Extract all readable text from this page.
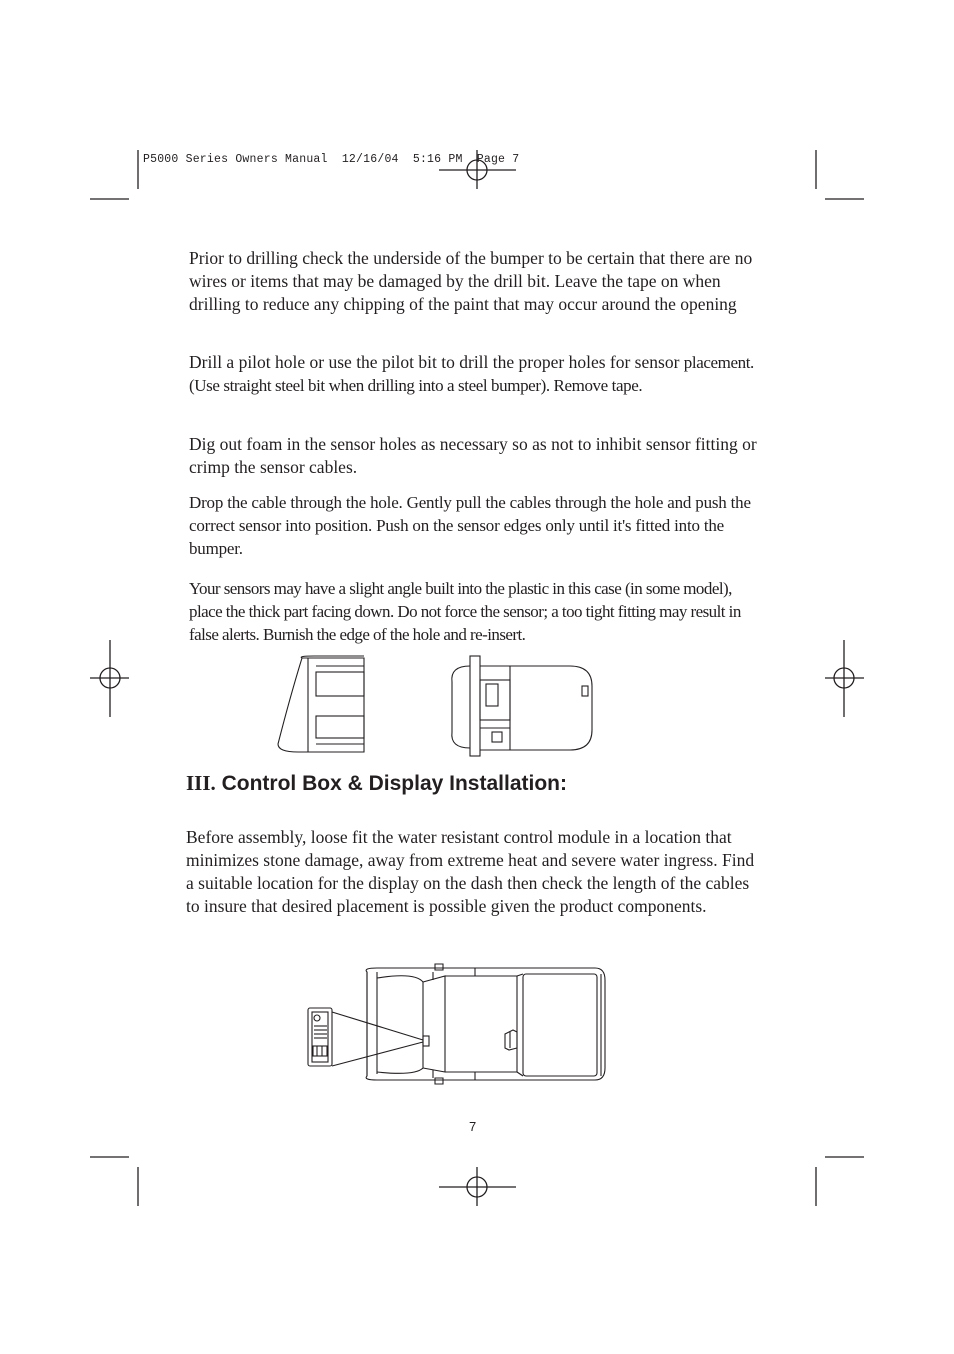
P5000 Series Owners Manual  12/16/04  5:16 PM  Page 7

Prior to drilling check the underside of the bumper to be certain that there are no wires or items that may be damaged by the drill bit. Leave the tape on when drilling to reduce any chipping of the paint that may occur around the opening

Drill a pilot hole or use the pilot bit to drill the proper holes for sensor placement. (Use straight steel bit when drilling into a steel bumper). Remove tape.

Dig out foam in the sensor holes as necessary so as not to inhibit sensor fitting or crimp the sensor cables.

Drop the cable through the hole. Gently pull the cables through the hole and push the correct sensor into position. Push on the sensor edges only until it's fitted into the bumper.

Your sensors may have a slight angle built into the plastic in this case (in some model), place the thick part facing down. Do not force the sensor; a too tight fitting may result in false alerts. Burnish the edge of the hole and re-insert.

III. Control Box & Display Installation:

Before assembly, loose fit the water resistant control module in a location that minimizes stone damage, away from extreme heat and severe water ingress. Find a suitable location for the display on the dash then check the length of the cables to insure that desired placement is possible given the product components.

7
